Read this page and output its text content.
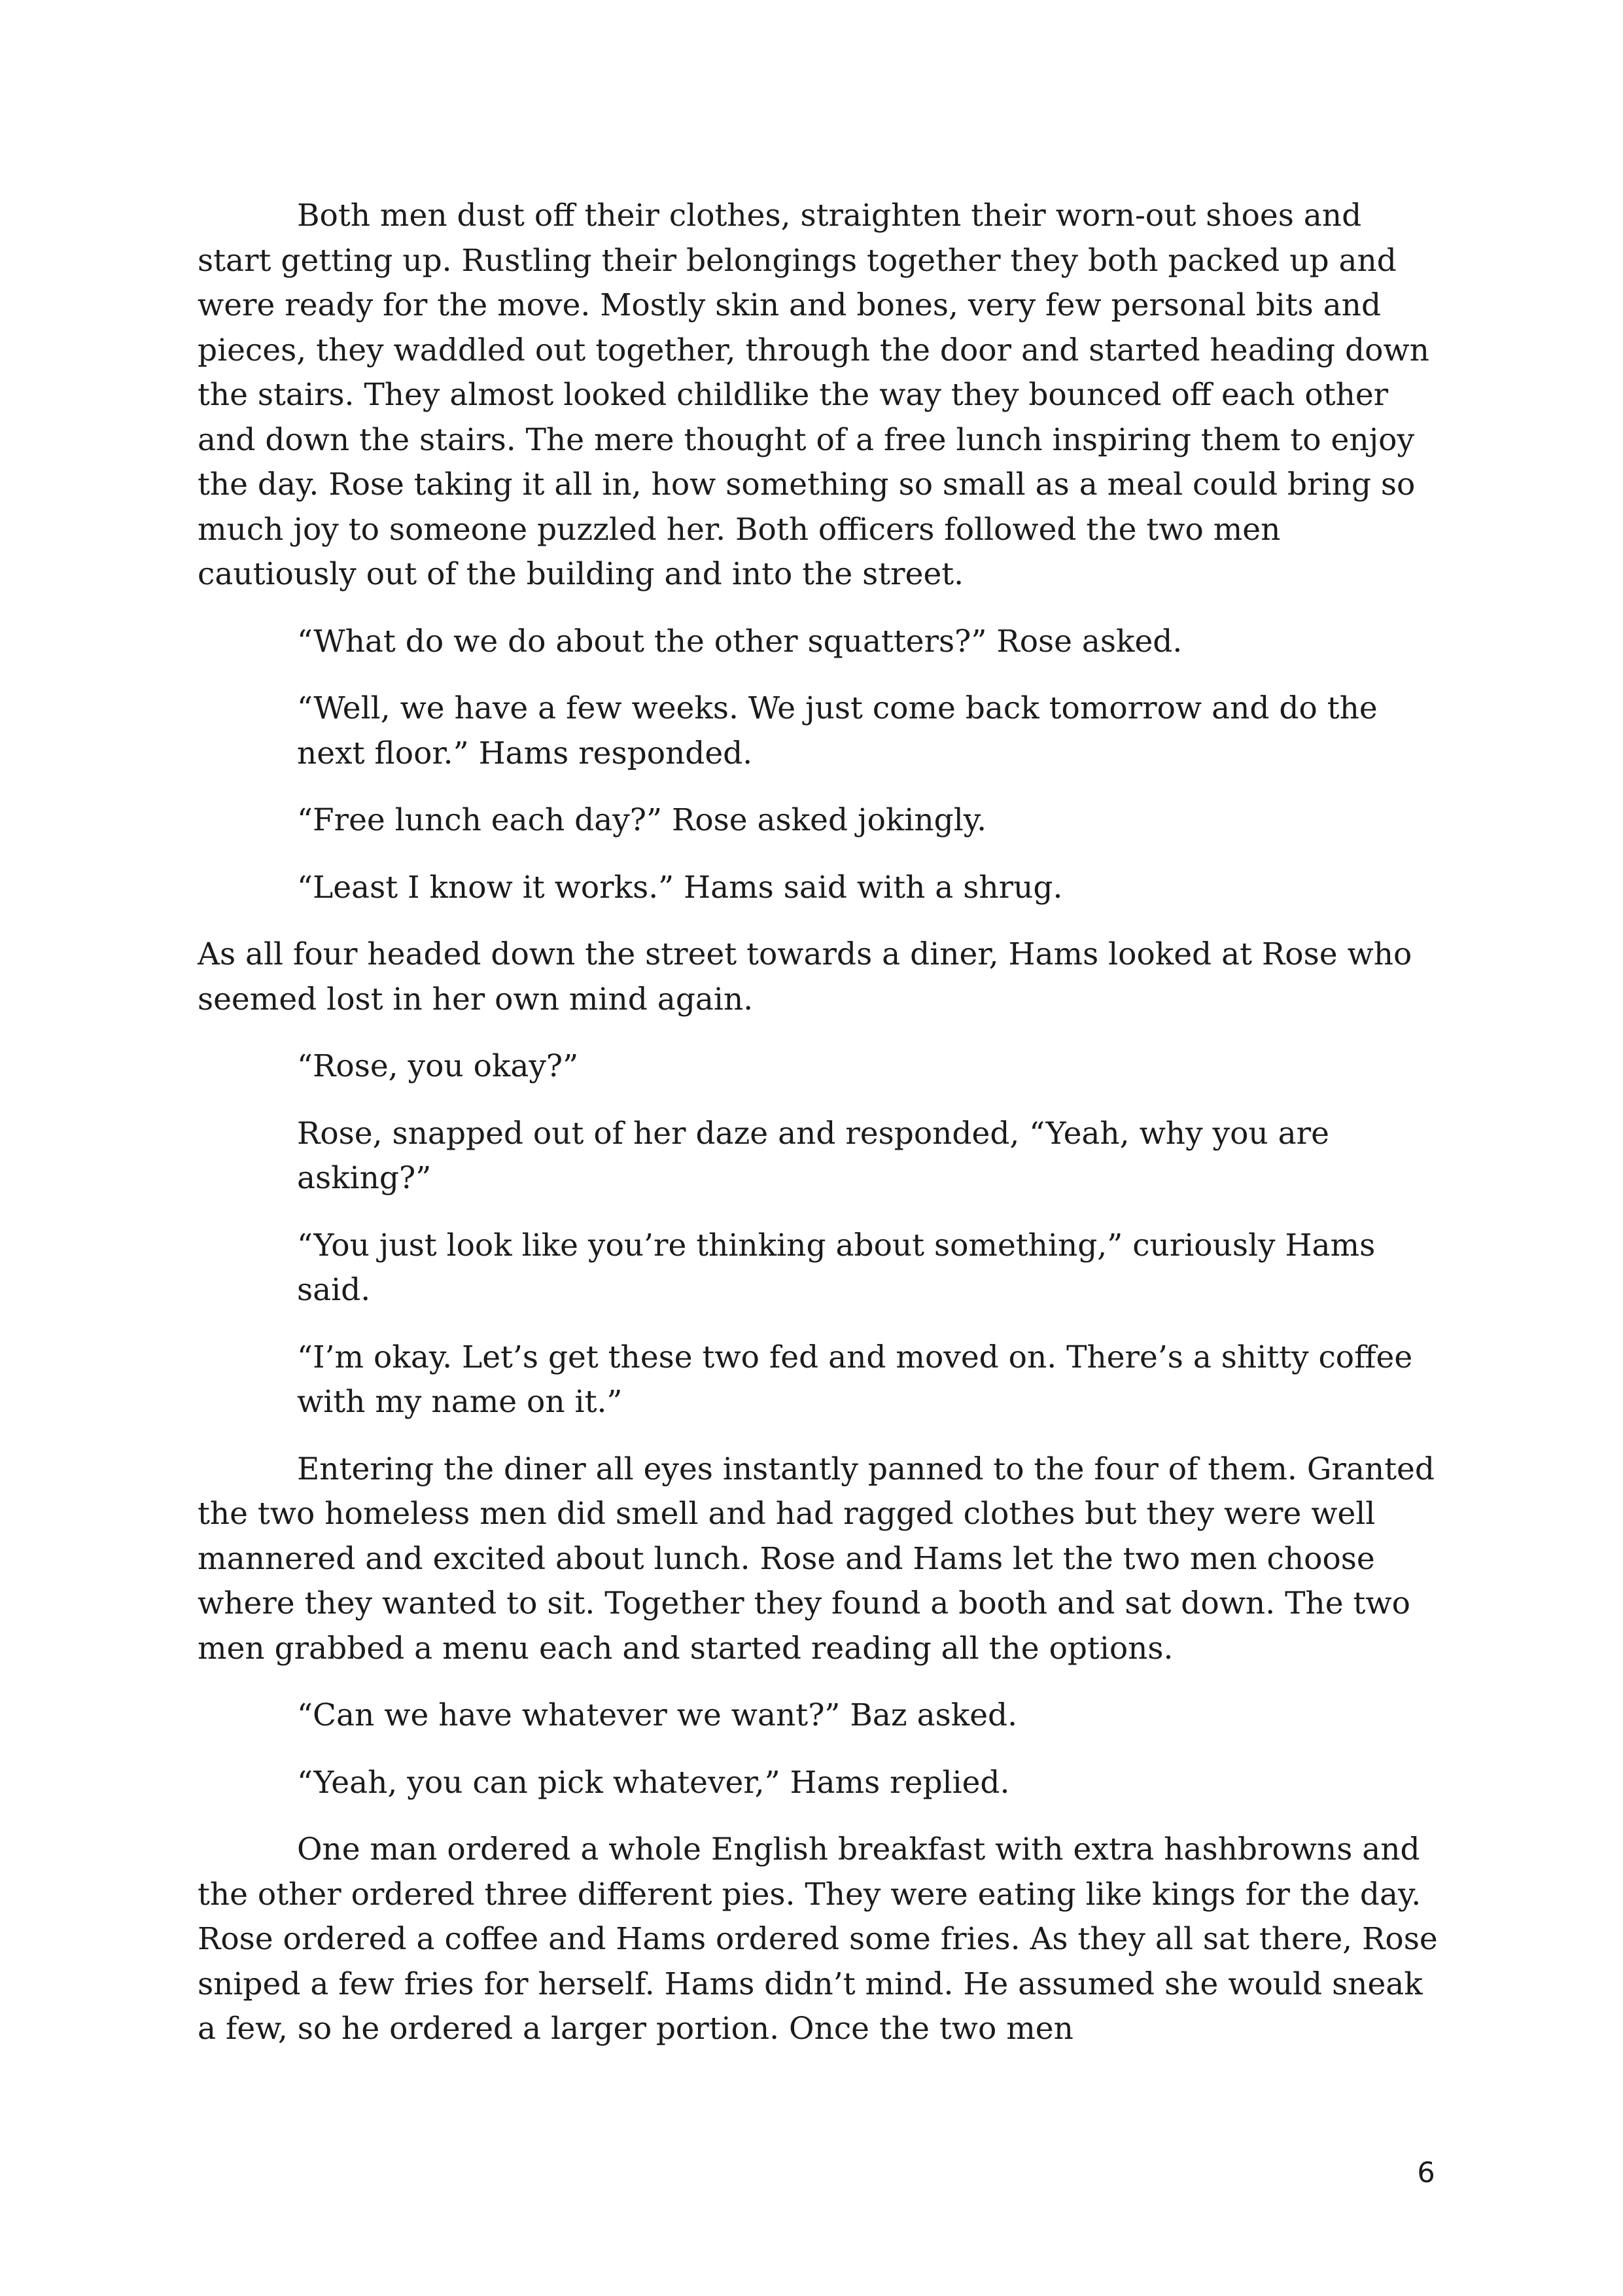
Both men dust off their clothes, straighten their worn-out shoes and start getting up. Rustling their belongings together they both packed up and were ready for the move. Mostly skin and bones, very few personal bits and pieces, they waddled out together, through the door and started heading down the stairs. They almost looked childlike the way they bounced off each other and down the stairs. The mere thought of a free lunch inspiring them to enjoy the day. Rose taking it all in, how something so small as a meal could bring so much joy to someone puzzled her. Both officers followed the two men cautiously out of the building and into the street.

“What do we do about the other squatters?” Rose asked.

“Well, we have a few weeks. We just come back tomorrow and do the next floor.” Hams responded.

“Free lunch each day?” Rose asked jokingly.

“Least I know it works.” Hams said with a shrug.

As all four headed down the street towards a diner, Hams looked at Rose who seemed lost in her own mind again.

“Rose, you okay?”

Rose, snapped out of her daze and responded, “Yeah, why you are asking?”

“You just look like you’re thinking about something,” curiously Hams said.

“I’m okay. Let’s get these two fed and moved on. There’s a shitty coffee with my name on it.”

Entering the diner all eyes instantly panned to the four of them. Granted the two homeless men did smell and had ragged clothes but they were well mannered and excited about lunch. Rose and Hams let the two men choose where they wanted to sit. Together they found a booth and sat down. The two men grabbed a menu each and started reading all the options.

“Can we have whatever we want?” Baz asked.

“Yeah, you can pick whatever,” Hams replied.

One man ordered a whole English breakfast with extra hashbrowns and the other ordered three different pies. They were eating like kings for the day. Rose ordered a coffee and Hams ordered some fries. As they all sat there, Rose sniped a few fries for herself. Hams didn’t mind. He assumed she would sneak a few, so he ordered a larger portion. Once the two men

6
